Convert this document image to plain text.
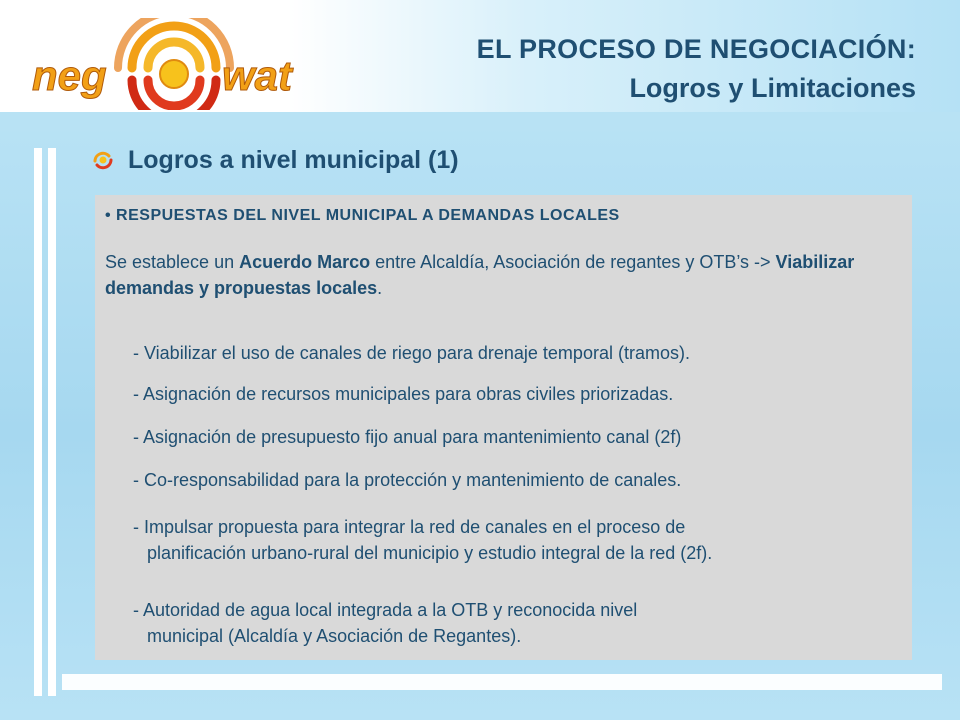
neg	wat
EL PROCESO DE NEGOCIACIÓN:
Logros y Limitaciones
Logros a nivel municipal (1)

• RESPUESTAS DEL NIVEL MUNICIPAL A DEMANDAS LOCALES

Se establece un Acuerdo Marco entre Alcaldía, Asociación de regantes y OTB’s -> Viabilizar demandas y propuestas locales.

- Viabilizar el uso de canales de riego para drenaje temporal (tramos).

- Asignación de recursos municipales para obras civiles priorizadas.

- Asignación de presupuesto fijo anual para mantenimiento canal (2f)

- Co-responsabilidad para la protección y mantenimiento de canales.

- Impulsar propuesta para integrar la red de canales en el proceso de
planificación urbano-rural del municipio y estudio integral de la red (2f).

- Autoridad de agua local integrada a la OTB y reconocida nivel
municipal (Alcaldía y Asociación de Regantes).
